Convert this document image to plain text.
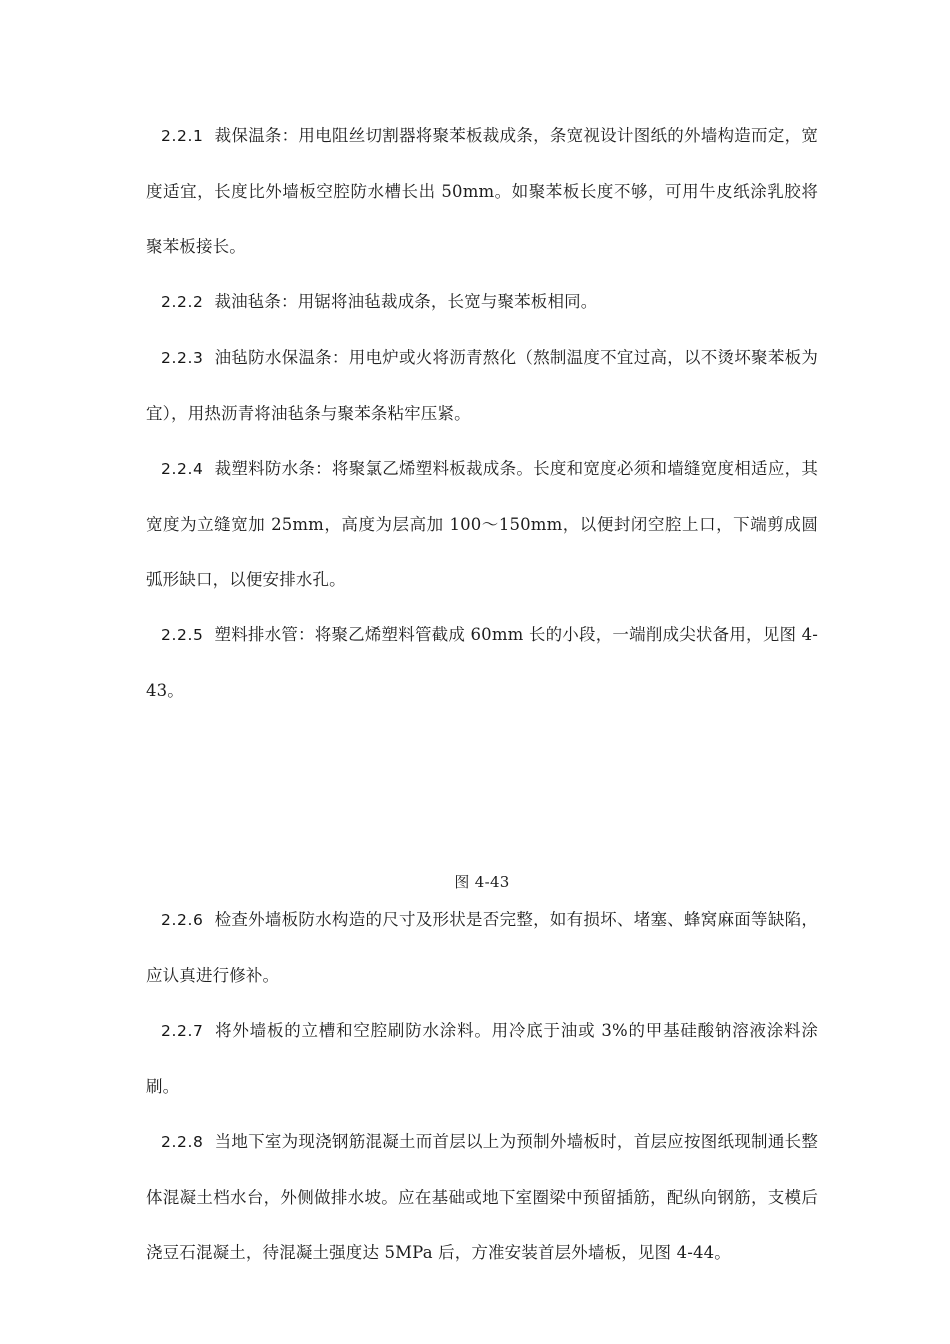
2.2.1 裁保温条：用电阻丝切割器将聚苯板裁成条，条宽视设计图纸的外墙构造而定，宽度适宜，长度比外墙板空腔防水槽长出 50mm。如聚苯板长度不够，可用牛皮纸涂乳胶将聚苯板接长。

2.2.2 裁油毡条：用锯将油毡裁成条，长宽与聚苯板相同。

2.2.3 油毡防水保温条：用电炉或火将沥青熬化（熬制温度不宜过高，以不烫坏聚苯板为宜），用热沥青将油毡条与聚苯条粘牢压紧。

2.2.4 裁塑料防水条：将聚氯乙烯塑料板裁成条。长度和宽度必须和墙缝宽度相适应，其宽度为立缝宽加 25mm，高度为层高加 100～150mm，以便封闭空腔上口，下端剪成圆弧形缺口，以便安排水孔。

2.2.5 塑料排水管：将聚乙烯塑料管截成 60mm 长的小段，一端削成尖状备用，见图 4-43。

图 4-43

2.2.6 检查外墙板防水构造的尺寸及形状是否完整，如有损坏、堵塞、蜂窝麻面等缺陷，应认真进行修补。

2.2.7 将外墙板的立槽和空腔刷防水涂料。用冷底于油或 3%的甲基硅酸钠溶液涂料涂刷。

2.2.8 当地下室为现浇钢筋混凝土而首层以上为预制外墙板时，首层应按图纸现制通长整体混凝土档水台，外侧做排水坡。应在基础或地下室圈梁中预留插筋，配纵向钢筋，支模后浇豆石混凝土，待混凝土强度达 5MPa 后，方准安装首层外墙板，见图 4-44。
